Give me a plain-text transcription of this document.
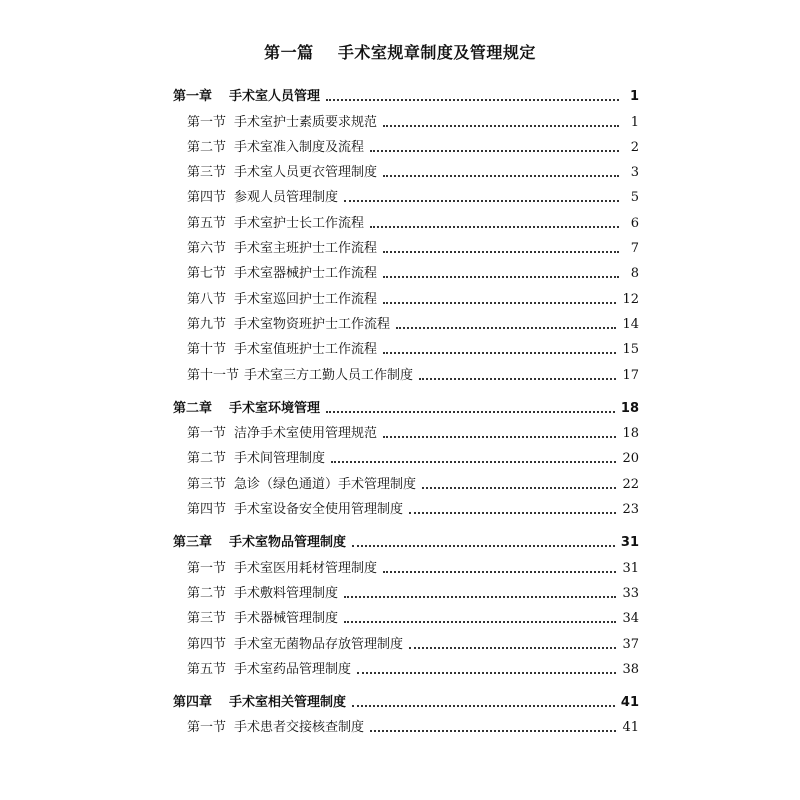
第一篇    手术室规章制度及管理规定
第一章	手术室人员管理	1
第一节 手术室护士素质要求规范	1
第二节 手术室准入制度及流程	2
第三节 手术室人员更衣管理制度	3
第四节 参观人员管理制度	5
第五节 手术室护士长工作流程	6
第六节 手术室主班护士工作流程	7
第七节 手术室器械护士工作流程	8
第八节 手术室巡回护士工作流程	12
第九节 手术室物资班护士工作流程	14
第十节 手术室值班护士工作流程	15
第十一节 手术室三方工勤人员工作制度	17
第二章	手术室环境管理	18
第一节 洁净手术室使用管理规范	18
第二节 手术间管理制度	20
第三节 急诊（绿色通道）手术管理制度	22
第四节 手术室设备安全使用管理制度	23
第三章	手术室物品管理制度	31
第一节 手术室医用耗材管理制度	31
第二节 手术敷料管理制度	33
第三节 手术器械管理制度	34
第四节 手术室无菌物品存放管理制度	37
第五节 手术室药品管理制度	38
第四章	手术室相关管理制度	41
第一节 手术患者交接核查制度	41
